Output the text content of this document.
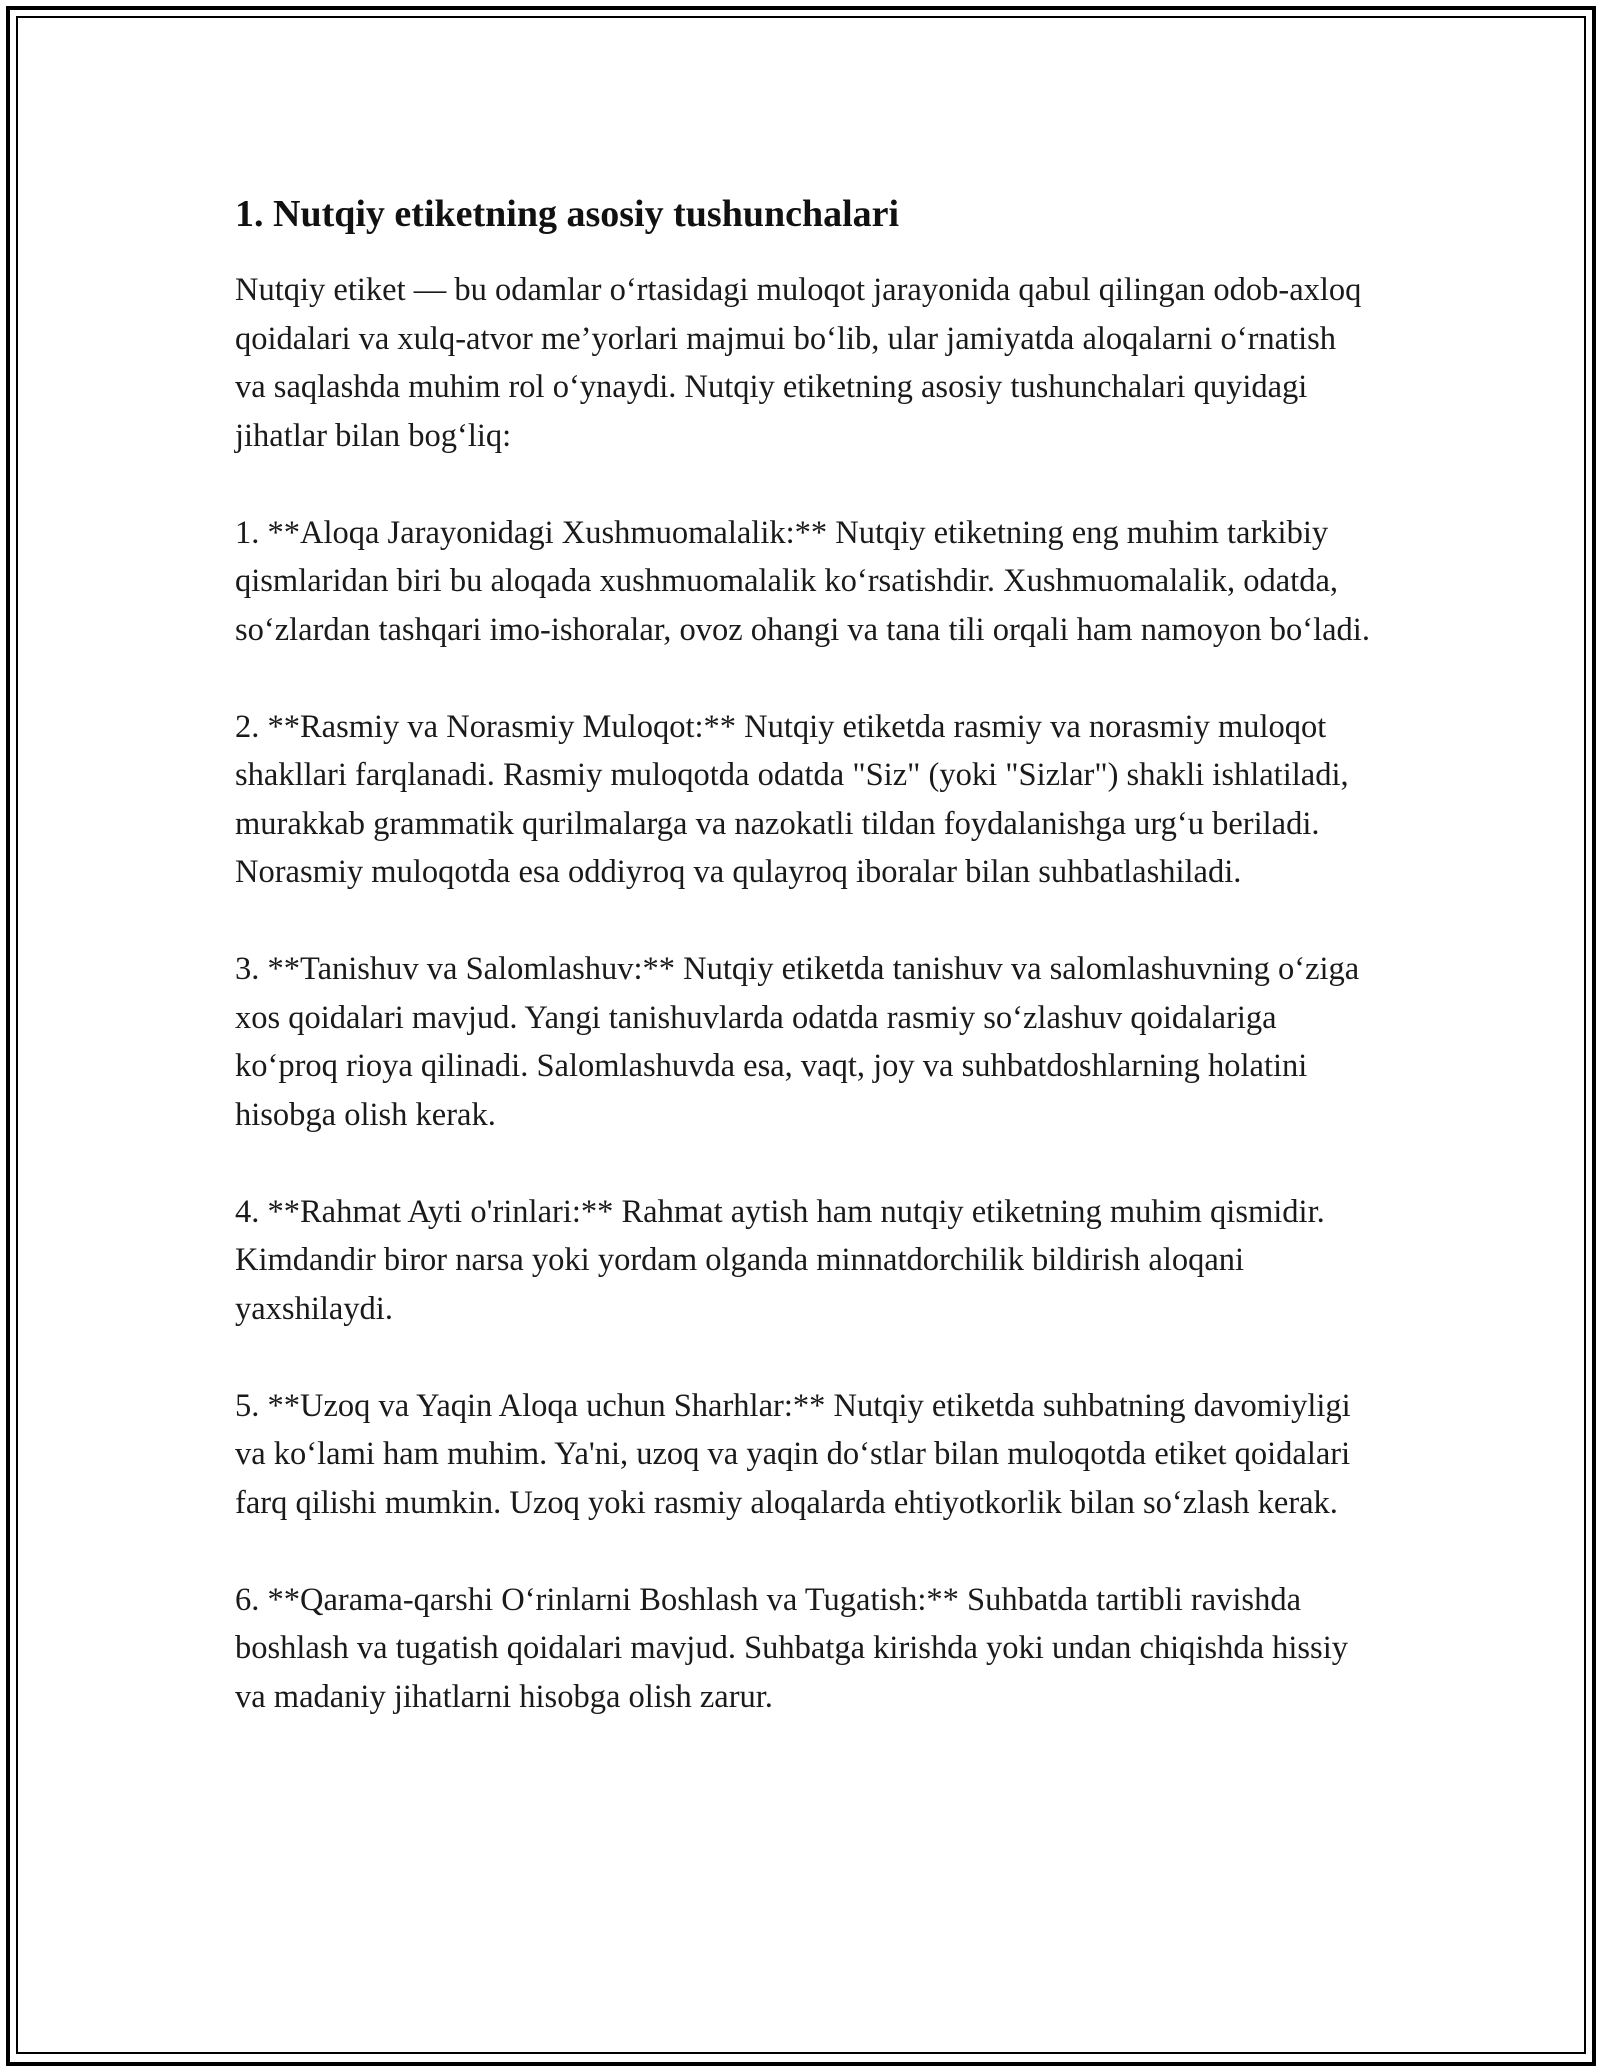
1. Nutqiy etiketning asosiy tushunchalari

Nutqiy etiket — bu odamlar o‘rtasidagi muloqot jarayonida qabul qilingan odob-axloq qoidalari va xulq-atvor me’yorlari majmui bo‘lib, ular jamiyatda aloqalarni o‘rnatish va saqlashda muhim rol o‘ynaydi. Nutqiy etiketning asosiy tushunchalari quyidagi jihatlar bilan bog‘liq:

1. **Aloqa Jarayonidagi Xushmuomalalik:** Nutqiy etiketning eng muhim tarkibiy qismlaridan biri bu aloqada xushmuomalalik ko‘rsatishdir. Xushmuomalalik, odatda, so‘zlardan tashqari imo-ishoralar, ovoz ohangi va tana tili orqali ham namoyon bo‘ladi.

2. **Rasmiy va Norasmiy Muloqot:** Nutqiy etiketda rasmiy va norasmiy muloqot shakllari farqlanadi. Rasmiy muloqotda odatda "Siz" (yoki "Sizlar") shakli ishlatiladi, murakkab grammatik qurilmalarga va nazokatli tildan foydalanishga urg‘u beriladi. Norasmiy muloqotda esa oddiyroq va qulayroq iboralar bilan suhbatlashiladi.

3. **Tanishuv va Salomlashuv:** Nutqiy etiketda tanishuv va salomlashuvning o‘ziga xos qoidalari mavjud. Yangi tanishuvlarda odatda rasmiy so‘zlashuv qoidalariga ko‘proq rioya qilinadi. Salomlashuvda esa, vaqt, joy va suhbatdoshlarning holatini hisobga olish kerak.

4. **Rahmat Ayti o'rinlari:** Rahmat aytish ham nutqiy etiketning muhim qismidir. Kimdandir biror narsa yoki yordam olganda minnatdorchilik bildirish aloqani yaxshilaydi.

5. **Uzoq va Yaqin Aloqa uchun Sharhlar:** Nutqiy etiketda suhbatning davomiyligi va ko‘lami ham muhim. Ya'ni, uzoq va yaqin do‘stlar bilan muloqotda etiket qoidalari farq qilishi mumkin. Uzoq yoki rasmiy aloqalarda ehtiyotkorlik bilan so‘zlash kerak.

6. **Qarama-qarshi O‘rinlarni Boshlash va Tugatish:** Suhbatda tartibli ravishda boshlash va tugatish qoidalari mavjud. Suhbatga kirishda yoki undan chiqishda hissiy va madaniy jihatlarni hisobga olish zarur.
